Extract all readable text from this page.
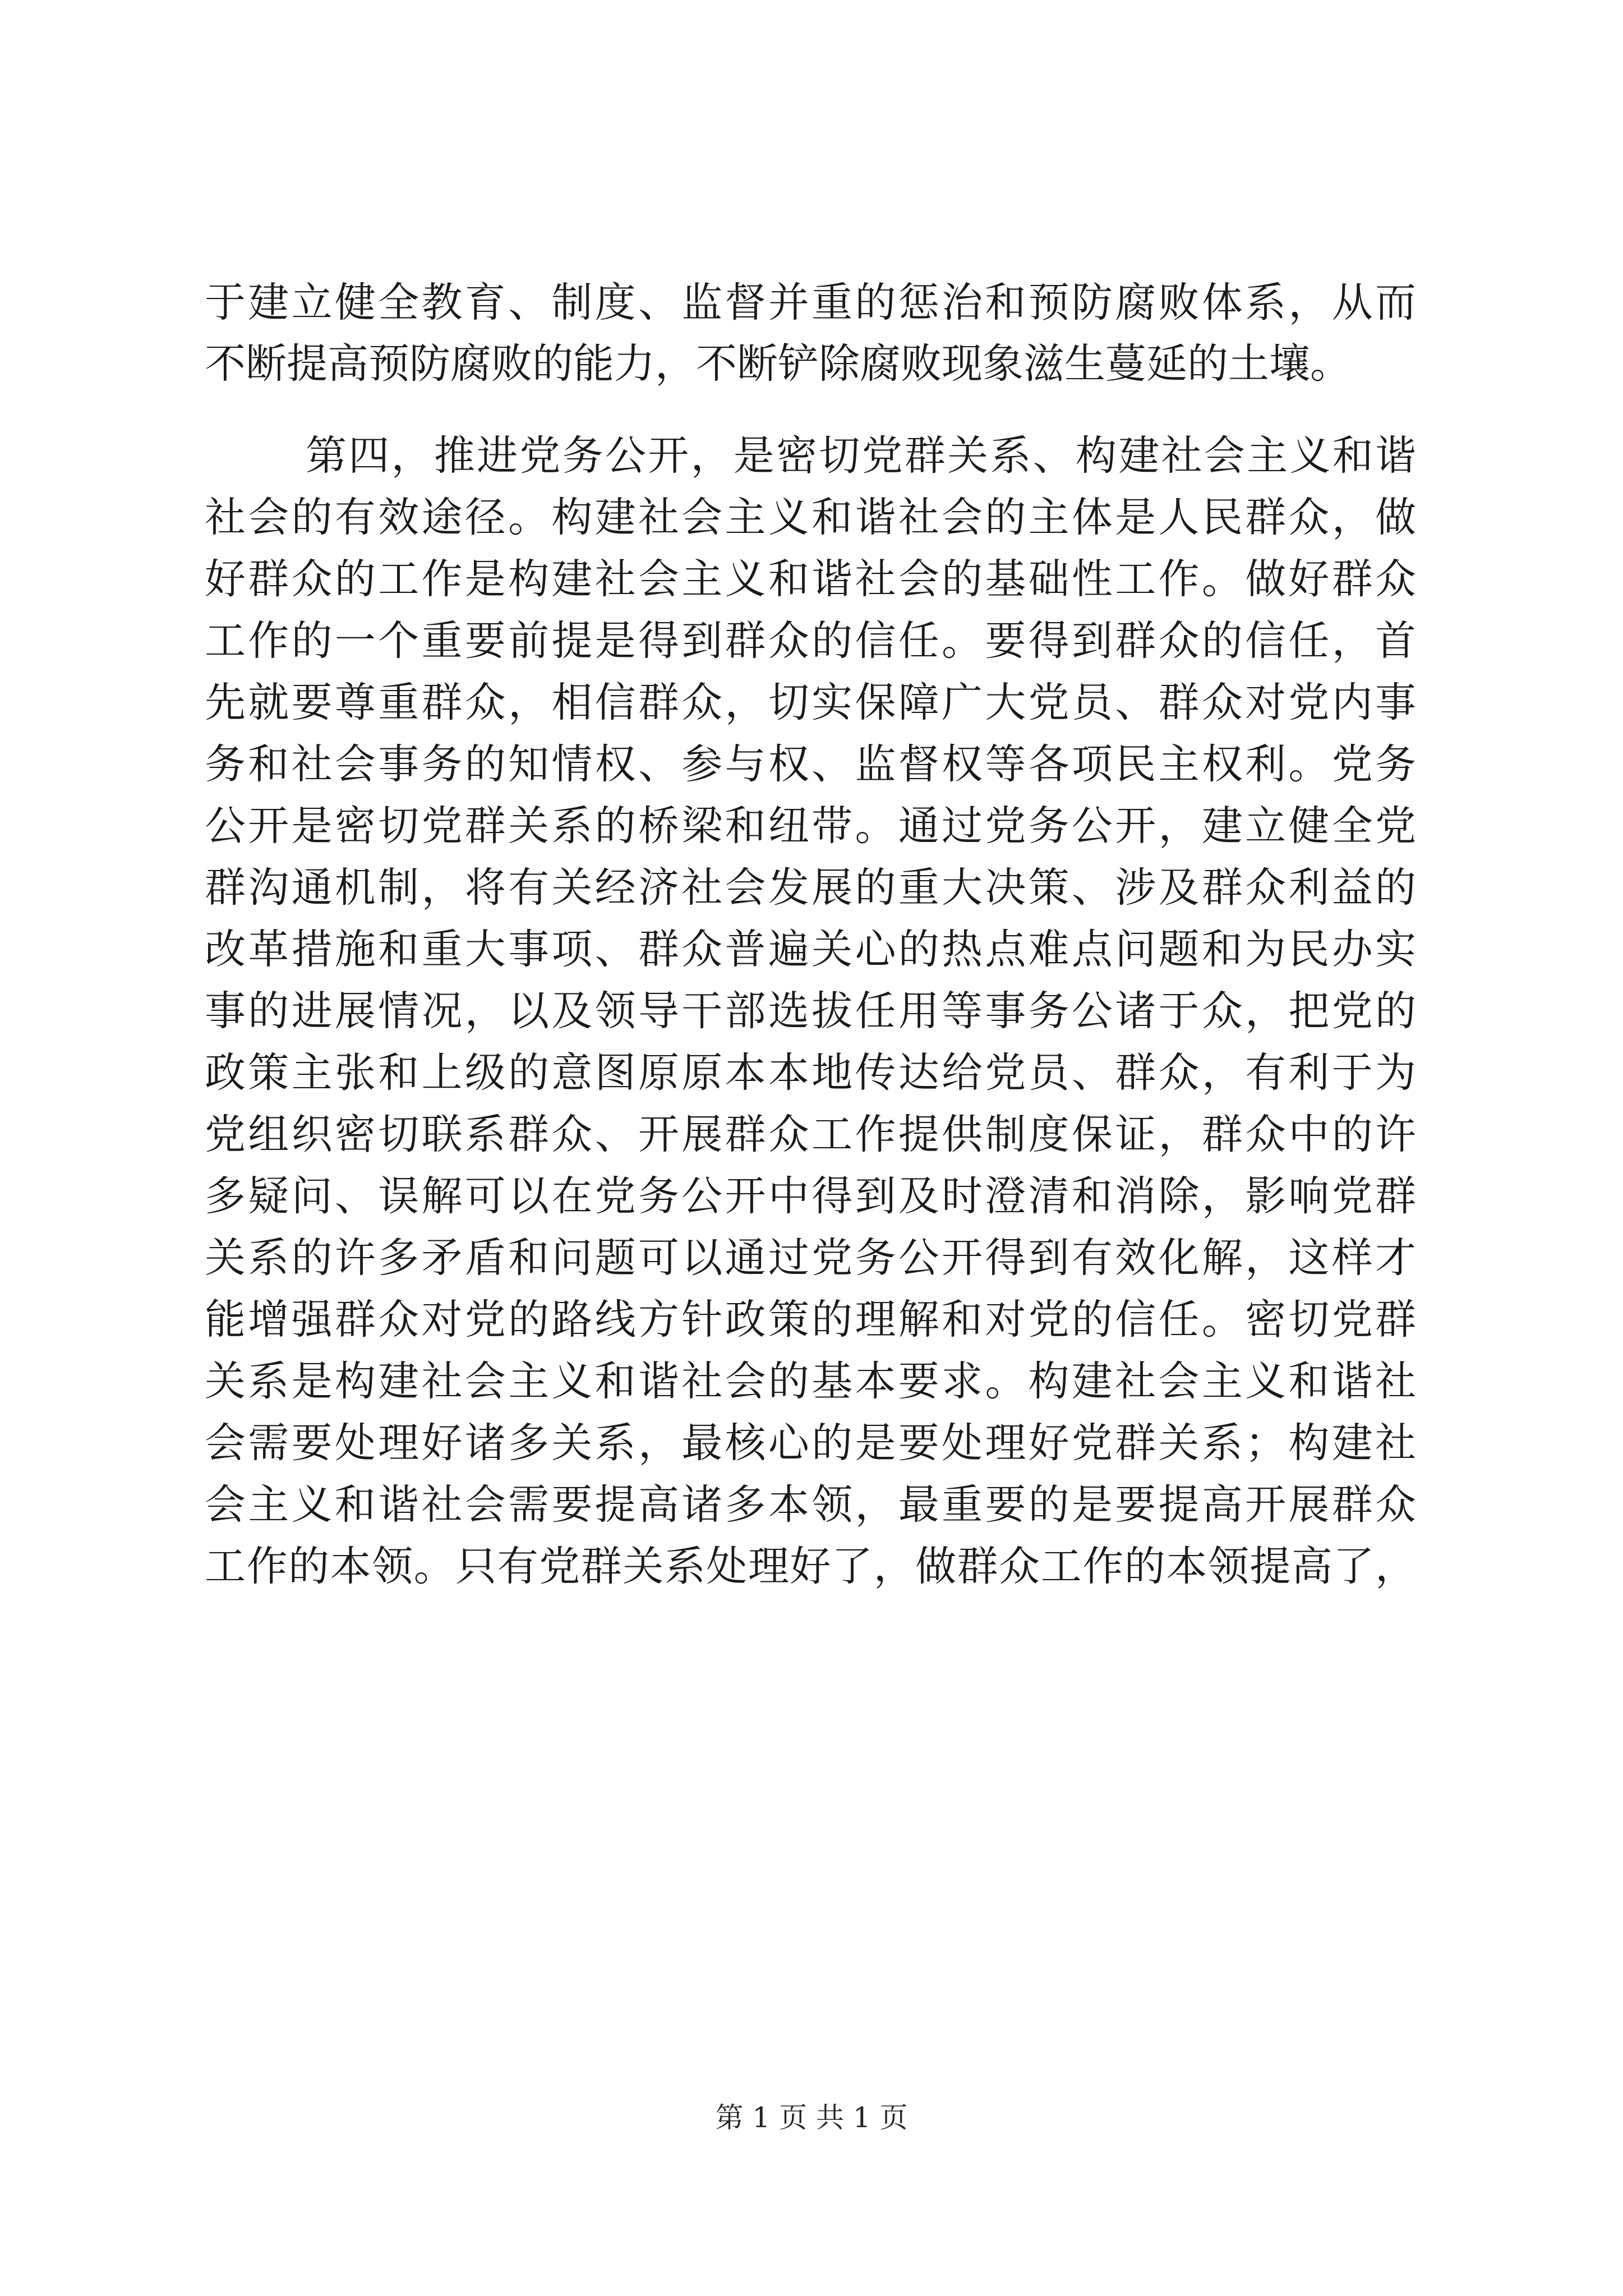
于建立健全教育、制度、监督并重的惩治和预防腐败体系，从而
不断提高预防腐败的能力，不断铲除腐败现象滋生蔓延的土壤。
第四，推进党务公开，是密切党群关系、构建社会主义和谐
社会的有效途径。构建社会主义和谐社会的主体是人民群众，做
好群众的工作是构建社会主义和谐社会的基础性工作。做好群众
工作的一个重要前提是得到群众的信任。要得到群众的信任，首
先就要尊重群众，相信群众，切实保障广大党员、群众对党内事
务和社会事务的知情权、参与权、监督权等各项民主权利。党务
公开是密切党群关系的桥梁和纽带。通过党务公开，建立健全党
群沟通机制，将有关经济社会发展的重大决策、涉及群众利益的
改革措施和重大事项、群众普遍关心的热点难点问题和为民办实
事的进展情况，以及领导干部选拔任用等事务公诸于众，把党的
政策主张和上级的意图原原本本地传达给党员、群众，有利于为
党组织密切联系群众、开展群众工作提供制度保证，群众中的许
多疑问、误解可以在党务公开中得到及时澄清和消除，影响党群
关系的许多矛盾和问题可以通过党务公开得到有效化解，这样才
能增强群众对党的路线方针政策的理解和对党的信任。密切党群
关系是构建社会主义和谐社会的基本要求。构建社会主义和谐社
会需要处理好诸多关系，最核心的是要处理好党群关系；构建社
会主义和谐社会需要提高诸多本领，最重要的是要提高开展群众
工作的本领。只有党群关系处理好了，做群众工作的本领提高了，
第 1 页 共 1 页
